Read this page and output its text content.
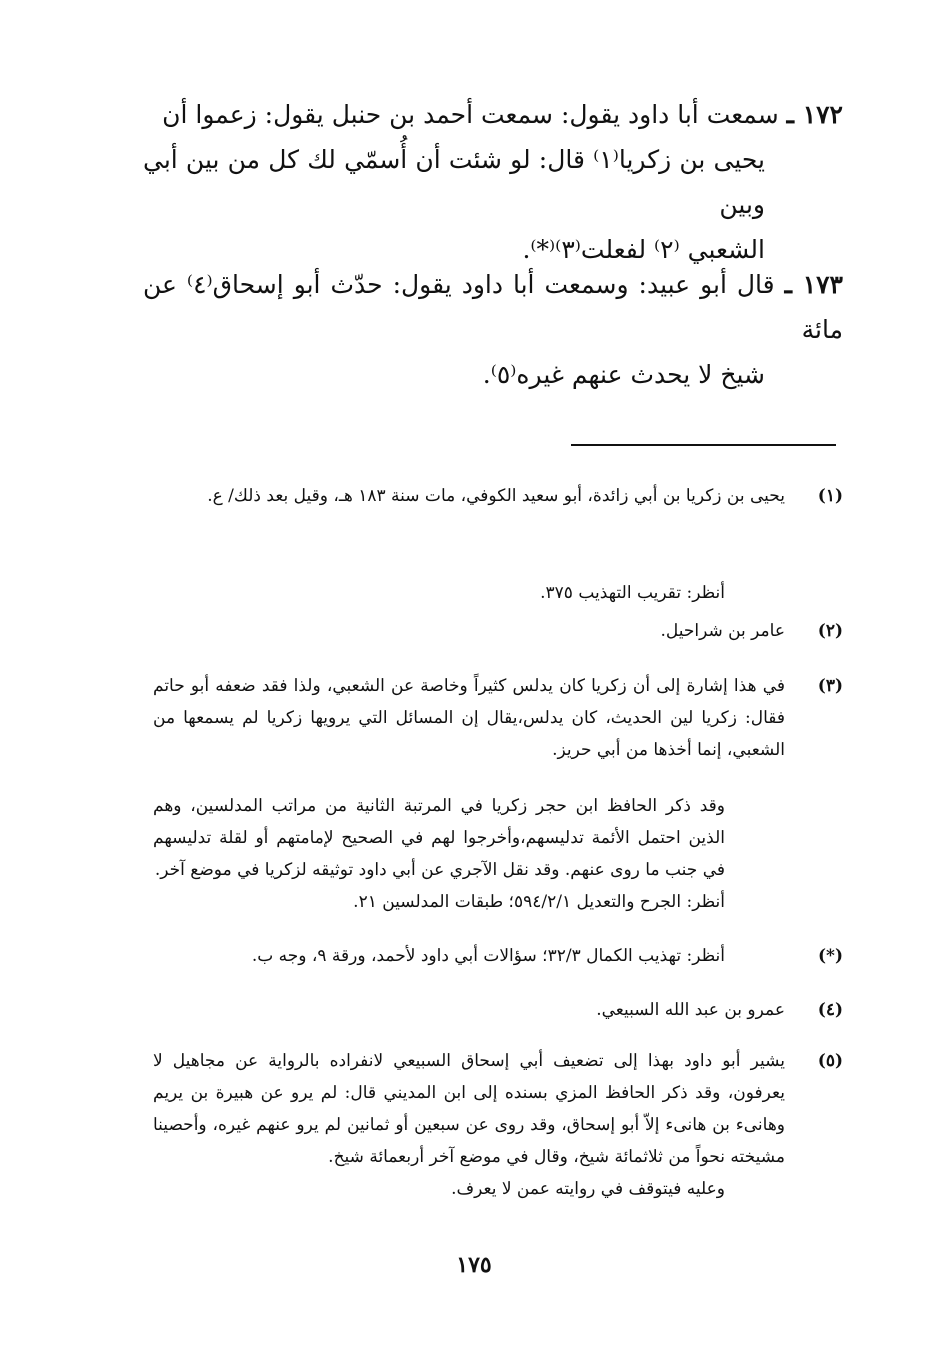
١٧٢ ـ سمعت أبا داود يقول: سمعت أحمد بن حنبل يقول: زعموا أن
يحيى بن زكريا⁽١⁾ قال: لو شئت أن أُسمّي لك كل من بين أبي وبين
الشعبي ⁽٢⁾ لفعلت⁽٣⁾⁽*⁾.
١٧٣ ـ قال أبو عبيد: وسمعت أبا داود يقول: حدّث أبو إسحاق⁽٤⁾ عن مائة
شيخ لا يحدث عنهم غيره⁽٥⁾.
(١)
يحيى بن زكريا بن أبي زائدة، أبو سعيد الكوفي، مات سنة ١٨٣ هـ، وقيل بعد ذلك/ ع.
أنظر: تقريب التهذيب ٣٧٥.
(٢)
عامر بن شراحيل.
(٣)
في هذا إشارة إلى أن زكريا كان يدلس كثيراً وخاصة عن الشعبي، ولذا فقد ضعفه أبو حاتم فقال: زكريا لين الحديث، كان يدلس،يقال إن المسائل التي يرويها زكريا لم يسمعها من الشعبي، إنما أخذها من أبي حريز.
وقد ذكر الحافظ ابن حجر زكريا في المرتبة الثانية من مراتب المدلسين، وهم الذين احتمل الأئمة تدليسهم،وأخرجوا لهم في الصحيح لإمامتهم أو لقلة تدليسهم في جنب ما روى عنهم. وقد نقل الآجري عن أبي داود توثيقه لزكريا في موضع آخر.
أنظر: الجرح والتعديل ٥٩٤/٢/١؛ طبقات المدلسين ٢١.
(*)
أنظر: تهذيب الكمال ٣٢/٣؛ سؤالات أبي داود لأحمد، ورقة ٩، وجه ب.
(٤)
عمرو بن عبد الله السبيعي.
(٥)
يشير أبو داود بهذا إلى تضعيف أبي إسحاق السبيعي لانفراده بالرواية عن مجاهيل لا يعرفون، وقد ذكر الحافظ المزي بسنده إلى ابن المديني قال: لم يرو عن هبيرة بن يريم وهانىء بن هانىء إلاّ أبو إسحاق، وقد روى عن سبعين أو ثمانين لم يرو عنهم غيره، وأحصينا مشيخته نحواً من ثلاثمائة شيخ، وقال في موضع آخر أربعمائة شيخ.
وعليه فيتوقف في روايته عمن لا يعرف.
١٧٥
